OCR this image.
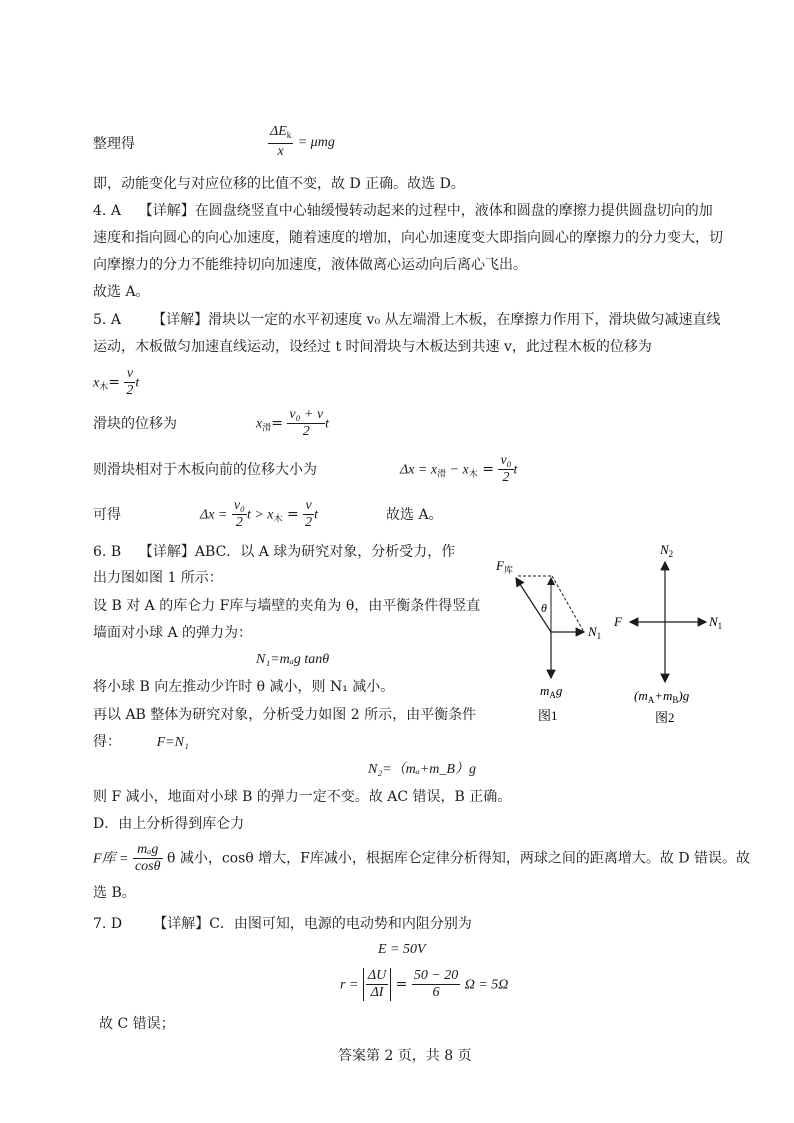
整理得	$\frac{\Delta E_k}{x} = \mu mg$
即，动能变化与对应位移的比值不变，故 D 正确。故选 D。
4. A 【详解】在圆盘绕竖直中心轴缓慢转动起来的过程中，液体和圆盘的摩擦力提供圆盘切向的加
速度和指向圆心的向心加速度，随着速度的增加，向心加速度变大即指向圆心的摩擦力的分力变大，切
向摩擦力的分力不能维持切向加速度，液体做离心运动向后离心飞出。
故选 A。
5. A 【详解】滑块以一定的水平初速度 v₀ 从左端滑上木板，在摩擦力作用下，滑块做匀减速直线
运动，木板做匀加速直线运动，设经过 t 时间滑块与木板达到共速 v，此过程木板的位移为
$x_木= \frac{v}{2}$ t
滑块的位移为	$x_滑= \frac{\text{v₀ + v}}{2}$ t
则滑块相对于木板向前的位移大小为	$\Delta x = x_滑 - x_木 = \frac{\text{v₀}}{2}$ t
可得	$\Delta x = \frac{\text{v₀}}{2}$ $t > x_木 = \frac{v}{2}$ t	故选 A。
6. B 【详解】ABC．以 A 球为研究对象，分析受力，作
出力图如图 1 所示：
设 B 对 A 的库仑力 F库与墙壁的夹角为 θ，由平衡条件得竖直
墙面对小球 A 的弹力为：
N₁=mₐg tanθ
将小球 B 向左推动少许时 θ 减小，则 N₁ 减小。
再以 AB 整体为研究对象，分析受力如图 2 所示，由平衡条件
得：	F=N₁
N₂=（mₐ+m_B）g
则 F 减小，地面对小球 B 的弹力一定不变。故 AC 错误，B 正确。
D．由上分析得到库仑力
F库 = $\frac{\text{mₐg}}{\cos\theta}$ θ 减小，cosθ 增大，F库减小，根据库仑定律分析得知，两球之间的距离增大。故 D 错误。故
选 B。
$F_库$
θ
$N_1$
$m_Ag$
图1
$N_2$
F	$N_1$
$(m_A+m_B)g$
图2
7. D 【详解】C．由图可知，电源的电动势和内阻分别为
E = 50V
$r = \frac{\Delta U}{\Delta I} = \frac{50 - 20}{6}$ Ω = 5Ω
故 C 错误；
答案第 2 页，共 8 页
